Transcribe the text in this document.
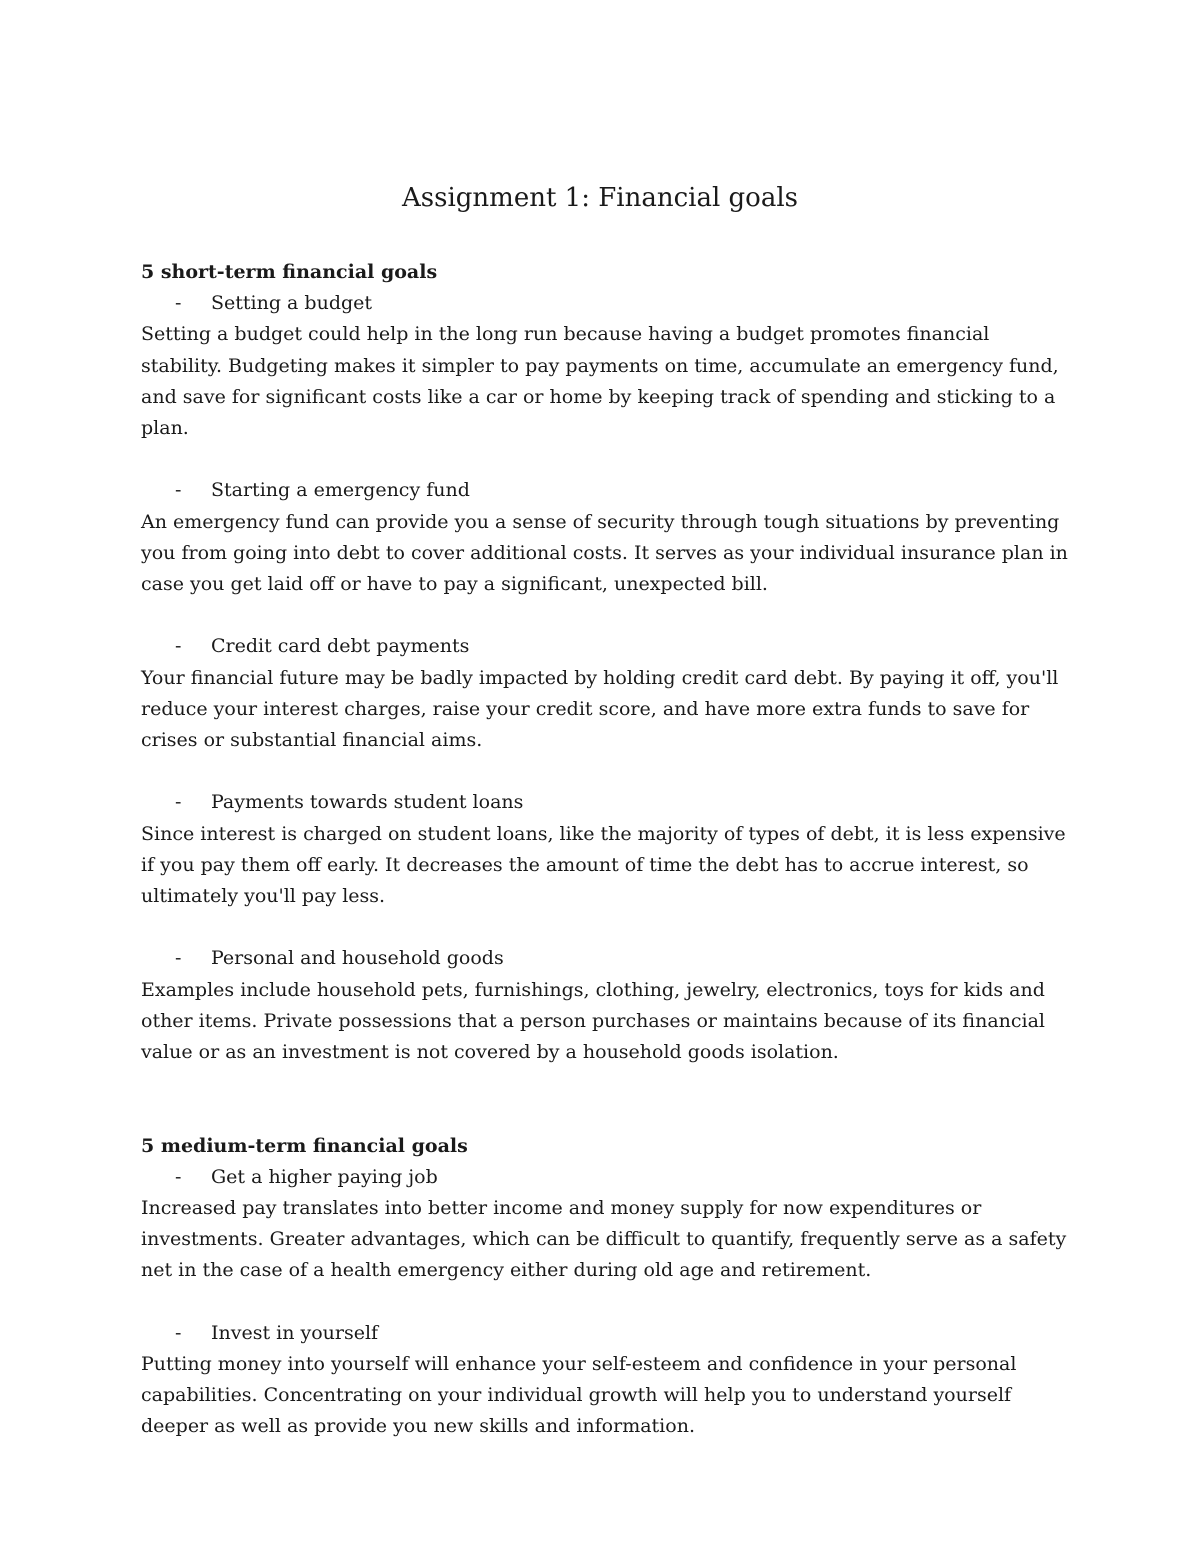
Assignment 1: Financial goals
5 short-term financial goals
- Setting a budget

Setting a budget could help in the long run because having a budget promotes financial stability. Budgeting makes it simpler to pay payments on time, accumulate an emergency fund, and save for significant costs like a car or home by keeping track of spending and sticking to a plan.

- Starting a emergency fund

An emergency fund can provide you a sense of security through tough situations by preventing you from going into debt to cover additional costs. It serves as your individual insurance plan in case you get laid off or have to pay a significant, unexpected bill.

- Credit card debt payments

Your financial future may be badly impacted by holding credit card debt. By paying it off, you'll reduce your interest charges, raise your credit score, and have more extra funds to save for crises or substantial financial aims.

- Payments towards student loans

Since interest is charged on student loans, like the majority of types of debt, it is less expensive if you pay them off early. It decreases the amount of time the debt has to accrue interest, so ultimately you'll pay less.

- Personal and household goods

Examples include household pets, furnishings, clothing, jewelry, electronics, toys for kids and other items. Private possessions that a person purchases or maintains because of its financial value or as an investment is not covered by a household goods isolation.

5 medium-term financial goals
- Get a higher paying job

Increased pay translates into better income and money supply for now expenditures or investments. Greater advantages, which can be difficult to quantify, frequently serve as a safety net in the case of a health emergency either during old age and retirement.

- Invest in yourself

Putting money into yourself will enhance your self-esteem and confidence in your personal capabilities. Concentrating on your individual growth will help you to understand yourself deeper as well as provide you new skills and information.
